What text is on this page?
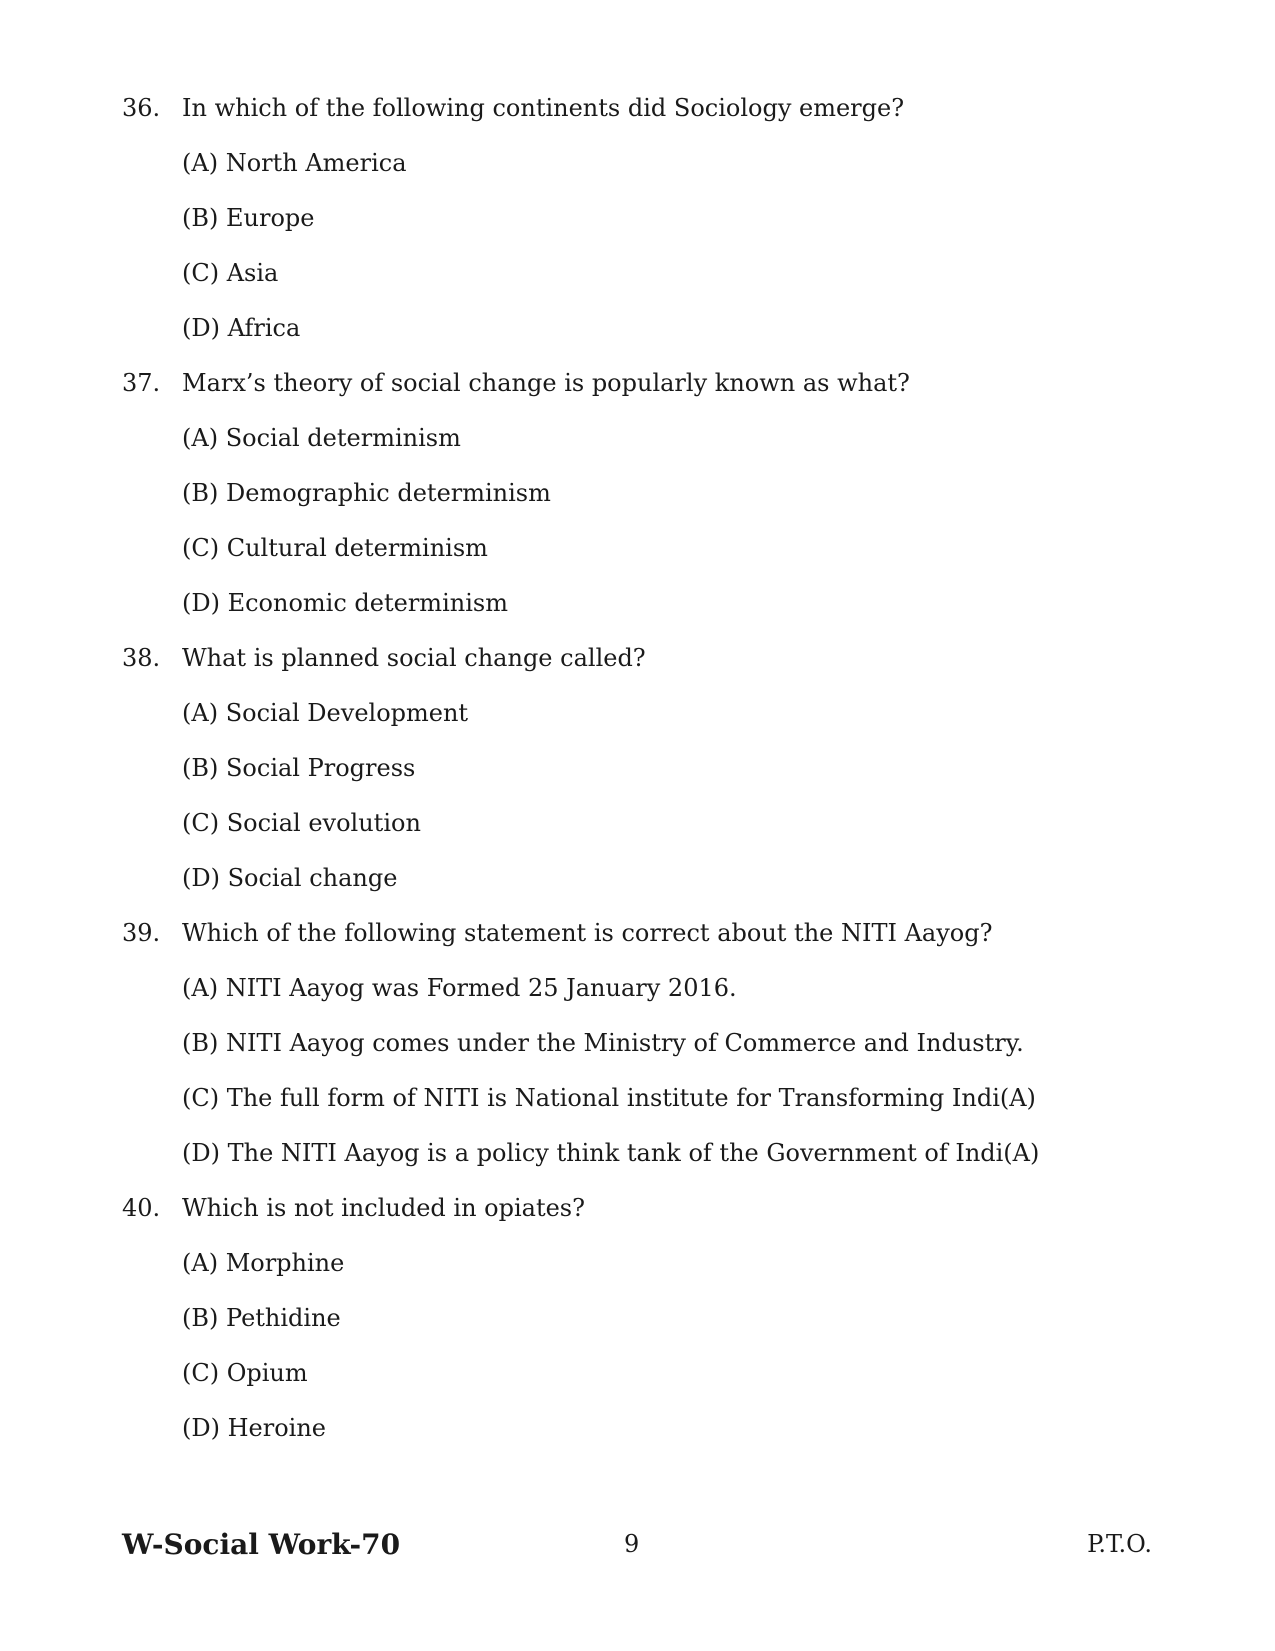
36. In which of the following continents did Sociology emerge?
(A) North America
(B) Europe
(C) Asia
(D) Africa
37. Marx’s theory of social change is popularly known as what?
(A) Social determinism
(B) Demographic determinism
(C) Cultural determinism
(D) Economic determinism
38. What is planned social change called?
(A) Social Development
(B) Social Progress
(C) Social evolution
(D) Social change
39. Which of the following statement is correct about the NITI Aayog?
(A) NITI Aayog was Formed 25 January 2016.
(B) NITI Aayog comes under the Ministry of Commerce and Industry.
(C) The full form of NITI is National institute for Transforming Indi(A)
(D) The NITI Aayog is a policy think tank of the Government of Indi(A)
40. Which is not included in opiates?
(A) Morphine
(B) Pethidine
(C) Opium
(D) Heroine
W-Social Work-70	9	P.T.O.
